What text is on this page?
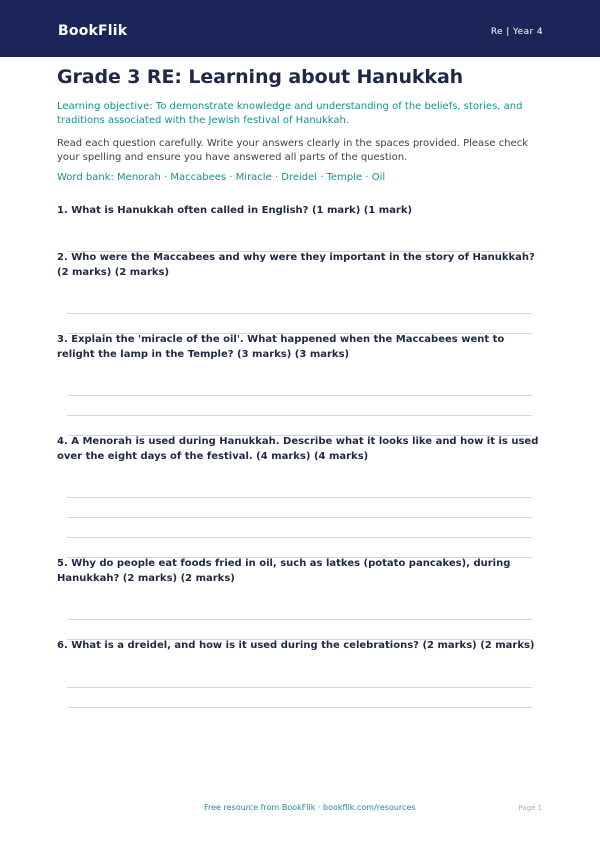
BookFlik	Re | Year 4
Grade 3 RE: Learning about Hanukkah

Learning objective: To demonstrate knowledge and understanding of the beliefs, stories, and traditions associated with the Jewish festival of Hanukkah.

Read each question carefully. Write your answers clearly in the spaces provided. Please check your spelling and ensure you have answered all parts of the question.

Word bank: Menorah · Maccabees · Miracle · Dreidel · Temple · Oil

1. What is Hanukkah often called in English? (1 mark) (1 mark)
2. Who were the Maccabees and why were they important in the story of Hanukkah? (2 marks) (2 marks)
3. Explain the 'miracle of the oil'. What happened when the Maccabees went to relight the lamp in the Temple? (3 marks) (3 marks)
4. A Menorah is used during Hanukkah. Describe what it looks like and how it is used over the eight days of the festival. (4 marks) (4 marks)
5. Why do people eat foods fried in oil, such as latkes (potato pancakes), during Hanukkah? (2 marks) (2 marks)
6. What is a dreidel, and how is it used during the celebrations? (2 marks) (2 marks)
Free resource from BookFlik · bookflik.com/resources	Page 1
